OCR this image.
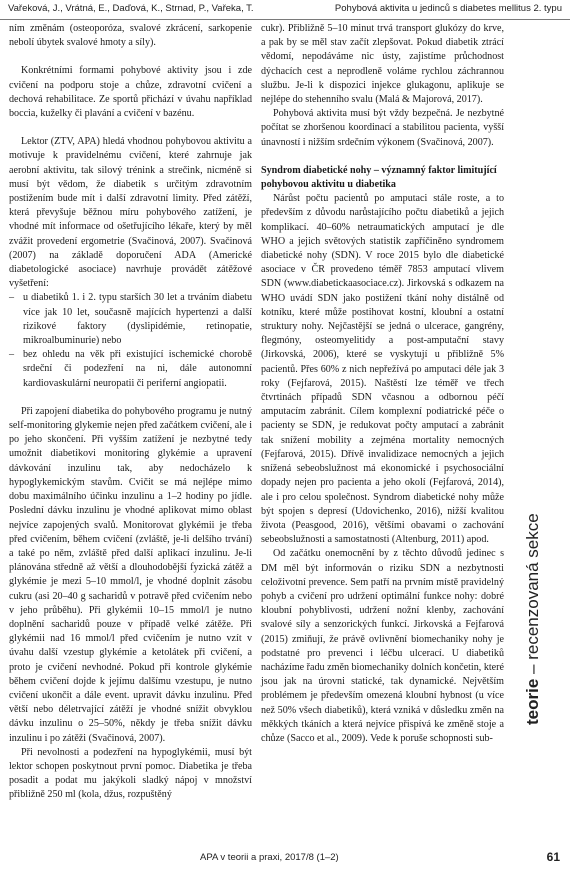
Vařeková, J., Vrátná, E., Daďová, K., Strnad, P., Vařeka, T.	Pohybová aktivita u jedinců s diabetes mellitus 2. typu

ním změnám (osteoporóza, svalové zkrácení, sarkopenie nebolí úbytek svalové hmoty a síly).

Konkrétními formami pohybové aktivity jsou i zde cvičení na podporu stoje a chůze, zdravotní cvičení a dechová rehabilitace. Ze sportů přichází v úvahu například boccia, kuželky či plavání a cvičení v bazénu.

Lektor (ZTV, APA) hledá vhodnou pohybovou aktivitu a motivuje k pravidelnému cvičení, které zahrnuje jak aerobní aktivitu, tak silový trénink a strečink, nicméně si musí být vědom, že diabetik s určitým zdravotním postižením bude mít i další zdravotní limity. Před zátěží, která převyšuje běžnou míru pohybového zatížení, je vhodné mít informace od ošetřujícího lékaře, který by měl zvážit provedení ergometrie (Svačinová, 2007). Svačinová (2007) na základě doporučení ADA (Americké diabetologické asociace) navrhuje provádět zátěžové vyšetření:

– u diabetiků 1. i 2. typu starších 30 let a trváním diabetu více jak 10 let, současně majících hypertenzi a další rizikové faktory (dyslipidémie, retinopatie, mikroalbuminurie) nebo
– bez ohledu na věk při existující ischemické chorobě srdeční či podezření na ni, dále autonomní kardiovaskulární neuropatii či periferní angiopatii.

Při zapojení diabetika do pohybového programu je nutný self-monitoring glykemie nejen před začátkem cvičení, ale i po jeho skončení. Při vyšším zatížení je nezbytné tedy umožnit diabetikovi monitoring glykémie a upravení dávkování inzulinu tak, aby nedocházelo k hypoglykemickým stavům. Cvičit se má nejlépe mimo dobu maximálního účinku inzulinu a 1–2 hodiny po jídle. Poslední dávku inzulinu je vhodné aplikovat mimo oblast nejvíce zapojených svalů. Monitorovat glykémii je třeba před cvičením, během cvičení (zvláště, je-li delšího trvání) a také po něm, zvláště před další aplikací inzulinu. Je-li plánována středně až větší a dlouhodobější fyzická zátěž a glykémie je mezi 5–10 mmol/l, je vhodné doplnit zásobu cukru (asi 20–40 g sacharidů v potravě před cvičením nebo v jeho průběhu). Při glykémii 10–15 mmol/l je nutno doplnění sacharidů pouze v případě velké zátěže. Při glykémii nad 16 mmol/l před cvičením je nutno vzít v úvahu další vzestup glykémie a ketolátek při cvičení, a proto je cvičení nevhodné. Pokud při kontrole glykémie během cvičení dojde k jejímu dalšímu vzestupu, je nutno cvičení ukončit a dále event. upravit dávku inzulinu. Před větší nebo déletrvající zátěží je vhodné snížit obvyklou dávku inzulinu o 25–50%, někdy je třeba snížit dávku inzulinu i po zátěži (Svačinová, 2007).

Při nevolnosti a podezření na hypoglykémii, musí být lektor schopen poskytnout první pomoc. Diabetika je třeba posadit a podat mu jakýkoli sladký nápoj v množství přibližně 250 ml (kola, džus, rozpuštěný

cukr). Přibližně 5–10 minut trvá transport glukózy do krve, a pak by se měl stav začít zlepšovat. Pokud diabetik ztrácí vědomí, nepodáváme nic ústy, zajistíme průchodnost dýchacích cest a neprodleně voláme rychlou záchrannou službu. Je-li k dispozici injekce glukagonu, aplikuje se nejlépe do stehenního svalu (Malá & Majorová, 2017).

Pohybová aktivita musí být vždy bezpečná. Je nezbytné počítat se zhoršenou koordinací a stabilitou pacienta, vyšší únavností i nižším srdečním výkonem (Svačinová, 2007).

Syndrom diabetické nohy – významný faktor limitující pohybovou aktivitu u diabetika

Nárůst počtu pacientů po amputaci stále roste, a to především z důvodu narůstajícího počtu diabetiků a jejich komplikací. 40–60% netraumatických amputací je dle WHO a jejich světových statistik zapříčiněno syndromem diabetické nohy (SDN). V roce 2015 bylo dle diabetické asociace v ČR provedeno téměř 7853 amputací vlivem SDN (www.diabetickaasociace.cz). Jirkovská s odkazem na WHO uvádí SDN jako postižení tkání nohy distálně od kotníku, které může postihovat kostní, kloubní a ostatní struktury nohy. Nejčastější se jedná o ulcerace, gangrény, flegmóny, osteomyelitidy a post-amputační stavy (Jirkovská, 2006), které se vyskytují u přibližně 5% pacientů. Přes 60% z nich nepřežívá po amputaci déle jak 3 roky (Fejfarová, 2015). Naštěstí lze téměř ve třech čtvrtinách případů SDN včasnou a odbornou péčí amputacím zabránit. Cílem komplexní podiatrické péče o pacienty se SDN, je redukovat počty amputací a zabránit tak snížení mobility a zejména mortality nemocných (Fejfarová, 2015). Dřívě invalidizace nemocných a jejich snížená sebeobslužnost má ekonomické i psychosociální dopady nejen pro pacienta a jeho okolí (Fejfarová, 2014), ale i pro celou společnost. Syndrom diabetické nohy může být spojen s depresí (Udovichenko, 2016), nižší kvalitou života (Peasgood, 2016), většími obavami o zachování sebeobslužnosti a samostatnosti (Altenburg, 2011) apod.

Od začátku onemocnění by z těchto důvodů jedinec s DM měl být informován o riziku SDN a nezbytnosti celoživotní prevence. Sem patří na prvním místě pravidelný pohyb a cvičení pro udržení optimální funkce nohy: dobré kloubní pohyblivosti, udržení nožní klenby, zachování svalové síly a senzorických funkcí. Jirkovská a Fejfarová (2015) zmiňují, že právě ovlivnění biomechaniky nohy je podstatné pro prevenci i léčbu ulcerací. U diabetiků nacházíme řadu změn biomechaniky dolních končetin, které jsou jak na úrovni statické, tak dynamické. Největším problémem je především omezená kloubní hybnost (u více než 50% všech diabetiků), která vzniká v důsledku změn na měkkých tkáních a která nejvíce přispívá ke změně stoje a chůze (Sacco et al., 2009). Vede k poruše schopnosti sub-

teorie – recenzovaná sekce
APA v teorii a praxi, 2017/8 (1–2)	61
